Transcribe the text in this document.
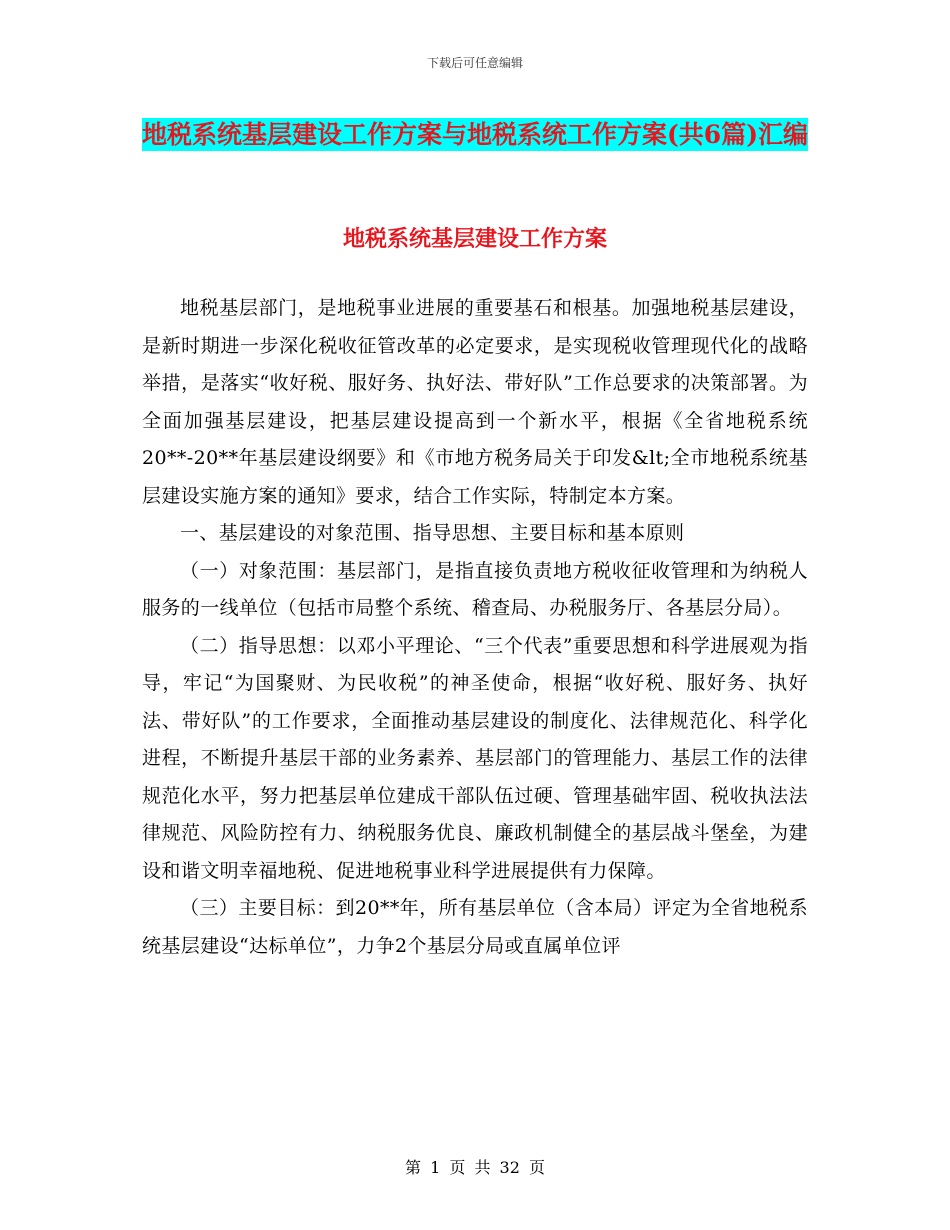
下载后可任意编辑
地税系统基层建设工作方案与地税系统工作方案(共6篇)汇编
地税系统基层建设工作方案

地税基层部门，是地税事业进展的重要基石和根基。加强地税基层建设，是新时期进一步深化税收征管改革的必定要求，是实现税收管理现代化的战略举措，是落实“收好税、服好务、执好法、带好队”工作总要求的决策部署。为全面加强基层建设，把基层建设提高到一个新水平，根据《全省地税系统20**-20**年基层建设纲要》和《市地方税务局关于印发&lt;全市地税系统基层建设实施方案的通知》要求，结合工作实际，特制定本方案。

一、基层建设的对象范围、指导思想、主要目标和基本原则

（一）对象范围：基层部门，是指直接负责地方税收征收管理和为纳税人服务的一线单位（包括市局整个系统、稽查局、办税服务厅、各基层分局）。

（二）指导思想：以邓小平理论、“三个代表”重要思想和科学进展观为指导，牢记“为国聚财、为民收税”的神圣使命，根据“收好税、服好务、执好法、带好队”的工作要求，全面推动基层建设的制度化、法律规范化、科学化进程，不断提升基层干部的业务素养、基层部门的管理能力、基层工作的法律规范化水平，努力把基层单位建成干部队伍过硬、管理基础牢固、税收执法法律规范、风险防控有力、纳税服务优良、廉政机制健全的基层战斗堡垒，为建设和谐文明幸福地税、促进地税事业科学进展提供有力保障。

（三）主要目标：到20**年，所有基层单位（含本局）评定为全省地税系统基层建设“达标单位”，力争2个基层分局或直属单位评

第 1 页 共 32 页
